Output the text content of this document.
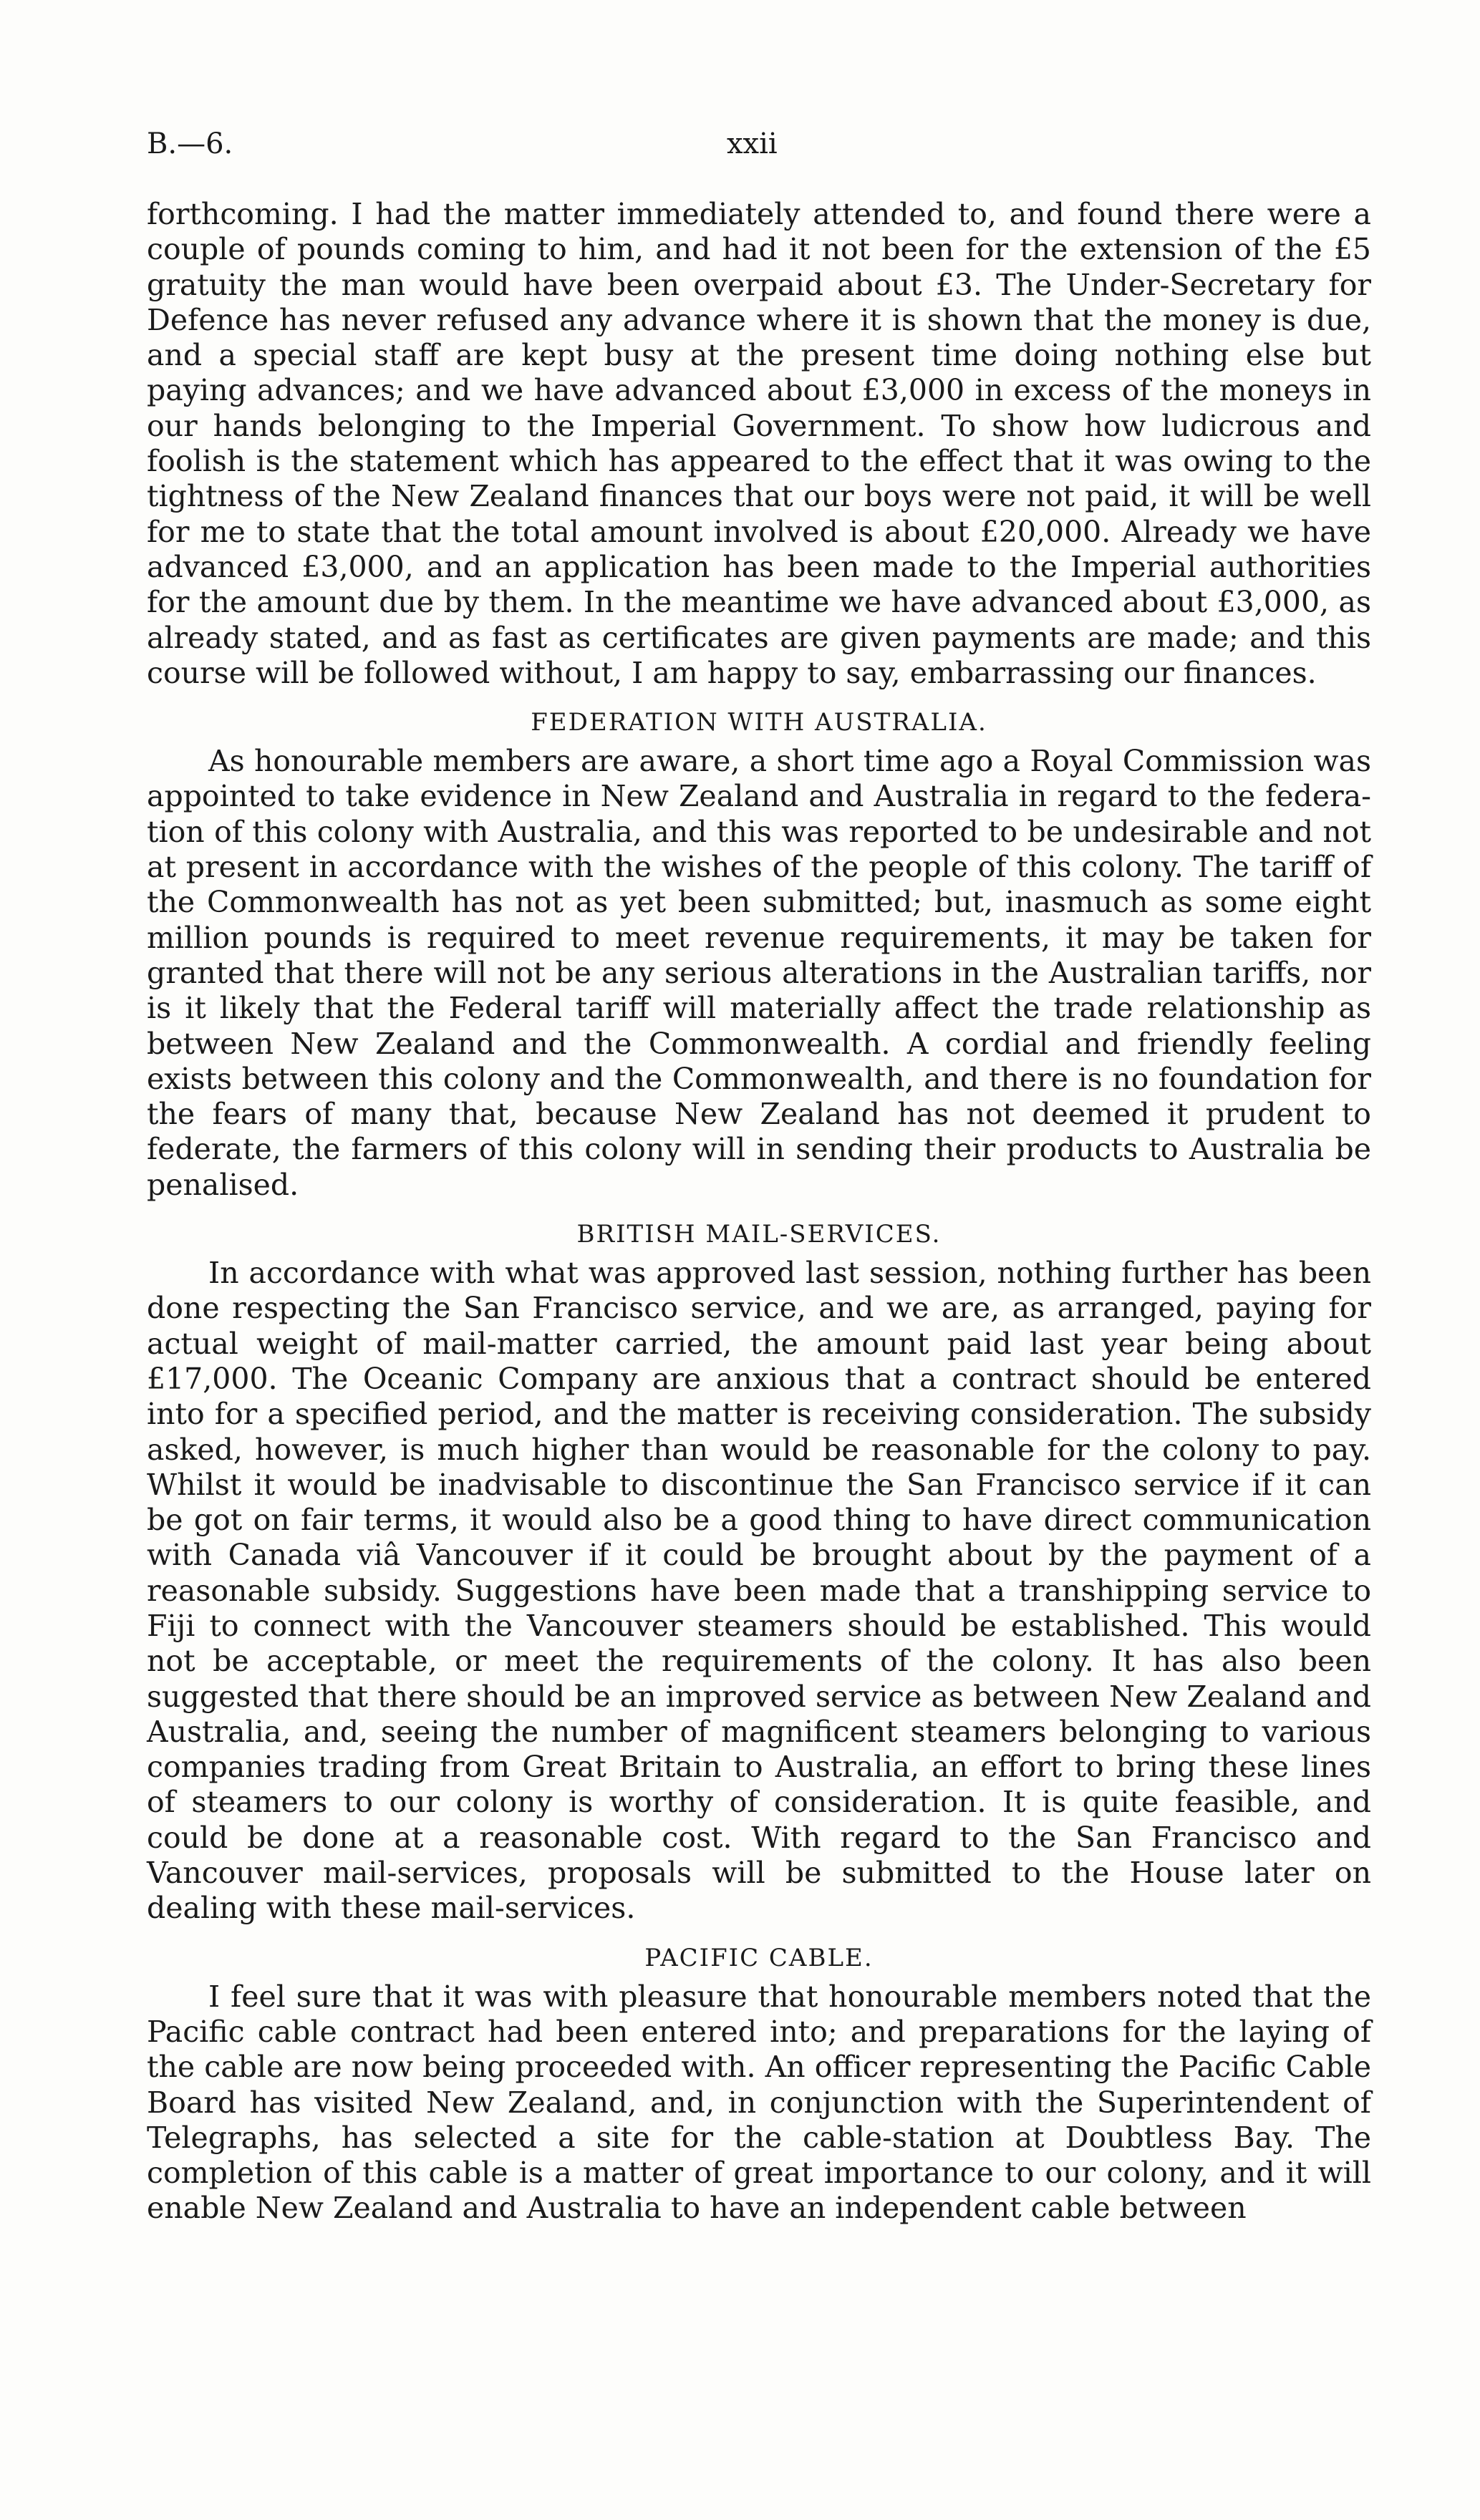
B.—6.	xxii

forthcoming. I had the matter immediately attended to, and found there were a couple of pounds coming to him, and had it not been for the extension of the £5 gratuity the man would have been overpaid about £3. The Under-Secretary for Defence has never refused any advance where it is shown that the money is due, and a special staff are kept busy at the present time doing nothing else but paying advances; and we have advanced about £3,000 in excess of the moneys in our hands belonging to the Imperial Government. To show how ludicrous and foolish is the statement which has appeared to the effect that it was owing to the tightness of the New Zealand finances that our boys were not paid, it will be well for me to state that the total amount involved is about £20,000. Already we have advanced £3,000, and an application has been made to the Imperial authorities for the amount due by them. In the meantime we have advanced about £3,000, as already stated, and as fast as certificates are given payments are made; and this course will be followed without, I am happy to say, embarrassing our finances.

FEDERATION WITH AUSTRALIA.

As honourable members are aware, a short time ago a Royal Commission was appointed to take evidence in New Zealand and Australia in regard to the federation of this colony with Australia, and this was reported to be undesirable and not at present in accordance with the wishes of the people of this colony. The tariff of the Commonwealth has not as yet been submitted; but, inasmuch as some eight million pounds is required to meet revenue requirements, it may be taken for granted that there will not be any serious alterations in the Australian tariffs, nor is it likely that the Federal tariff will materially affect the trade relationship as between New Zealand and the Commonwealth. A cordial and friendly feeling exists between this colony and the Commonwealth, and there is no foundation for the fears of many that, because New Zealand has not deemed it prudent to federate, the farmers of this colony will in sending their products to Australia be penalised.

BRITISH MAIL-SERVICES.

In accordance with what was approved last session, nothing further has been done respecting the San Francisco service, and we are, as arranged, paying for actual weight of mail-matter carried, the amount paid last year being about £17,000. The Oceanic Company are anxious that a contract should be entered into for a specified period, and the matter is receiving consideration. The subsidy asked, however, is much higher than would be reasonable for the colony to pay. Whilst it would be inadvisable to discontinue the San Francisco service if it can be got on fair terms, it would also be a good thing to have direct communication with Canada viâ Vancouver if it could be brought about by the payment of a reasonable subsidy. Suggestions have been made that a transhipping service to Fiji to connect with the Vancouver steamers should be established. This would not be acceptable, or meet the requirements of the colony. It has also been suggested that there should be an improved service as between New Zealand and Australia, and, seeing the number of magnificent steamers belonging to various companies trading from Great Britain to Australia, an effort to bring these lines of steamers to our colony is worthy of consideration. It is quite feasible, and could be done at a reasonable cost. With regard to the San Francisco and Vancouver mail-services, proposals will be submitted to the House later on dealing with these mail-services.

PACIFIC CABLE.

I feel sure that it was with pleasure that honourable members noted that the Pacific cable contract had been entered into; and preparations for the laying of the cable are now being proceeded with. An officer representing the Pacific Cable Board has visited New Zealand, and, in conjunction with the Superintendent of Telegraphs, has selected a site for the cable-station at Doubtless Bay. The completion of this cable is a matter of great importance to our colony, and it will enable New Zealand and Australia to have an independent cable between
